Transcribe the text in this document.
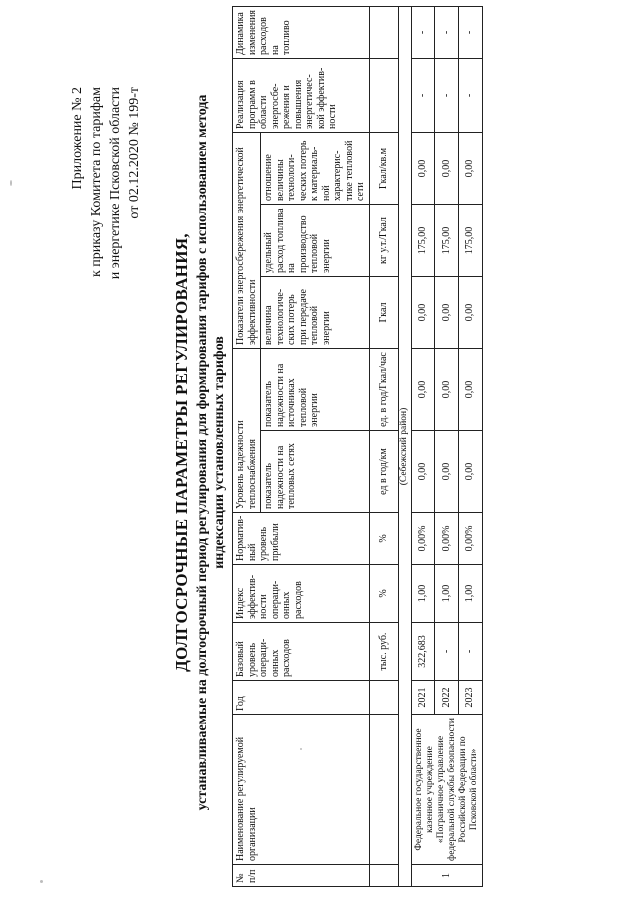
Приложение № 2 к приказу Комитета по тарифам и энергетике Псковской области от 02.12.2020 № 199-т
ДОЛГОСРОЧНЫЕ ПАРАМЕТРЫ РЕГУЛИРОВАНИЯ, устанавливаемые на долгосрочный период регулирования для формирования тарифов с использованием метода индексации установленных тарифов
№ п/п	Наименование регулируемой организации	Год	Базовый уровень операци-онных расходов	Индекс эффектив-ности операци-онных расходов	Норматив-ный уровень прибыли	Уровень надежности теплоснабжения		Показатели энергосбережения энергетической эффективности			Реализация программ в области энергосбе-режения и повышения энергетичес-кой эффектив-ности	Динамика изменения расходов на топливо
						показатель надежности на тепловых сетях	показатель надежности на источниках тепловой энергии	величина технологиче-ских потерь при передаче тепловой энергии	удельный расход топлива на производство тепловой энергии	отношение величины технологи-ческих потерь к материаль-ной характерис-тике тепловой сети		
			тыс. руб.	%	%	ед в год/км	ед. в год/Гкал/час	Гкал	кг у.т./Гкал	Гкал/кв.м		
(Себежский район)												
1	Федеральное государственное казенное учреждение «Пограничное управление федеральной службы безопасности Российской Федерации по Псковской области»	2021	322,683	1,00	0,00%	0,00	0,00	0,00	175,00	0,00	-	-
		2022	-	1,00	0,00%	0,00	0,00	0,00	175,00	0,00	-	-
		2023	-	1,00	0,00%	0,00	0,00	0,00	175,00	0,00	-	-
